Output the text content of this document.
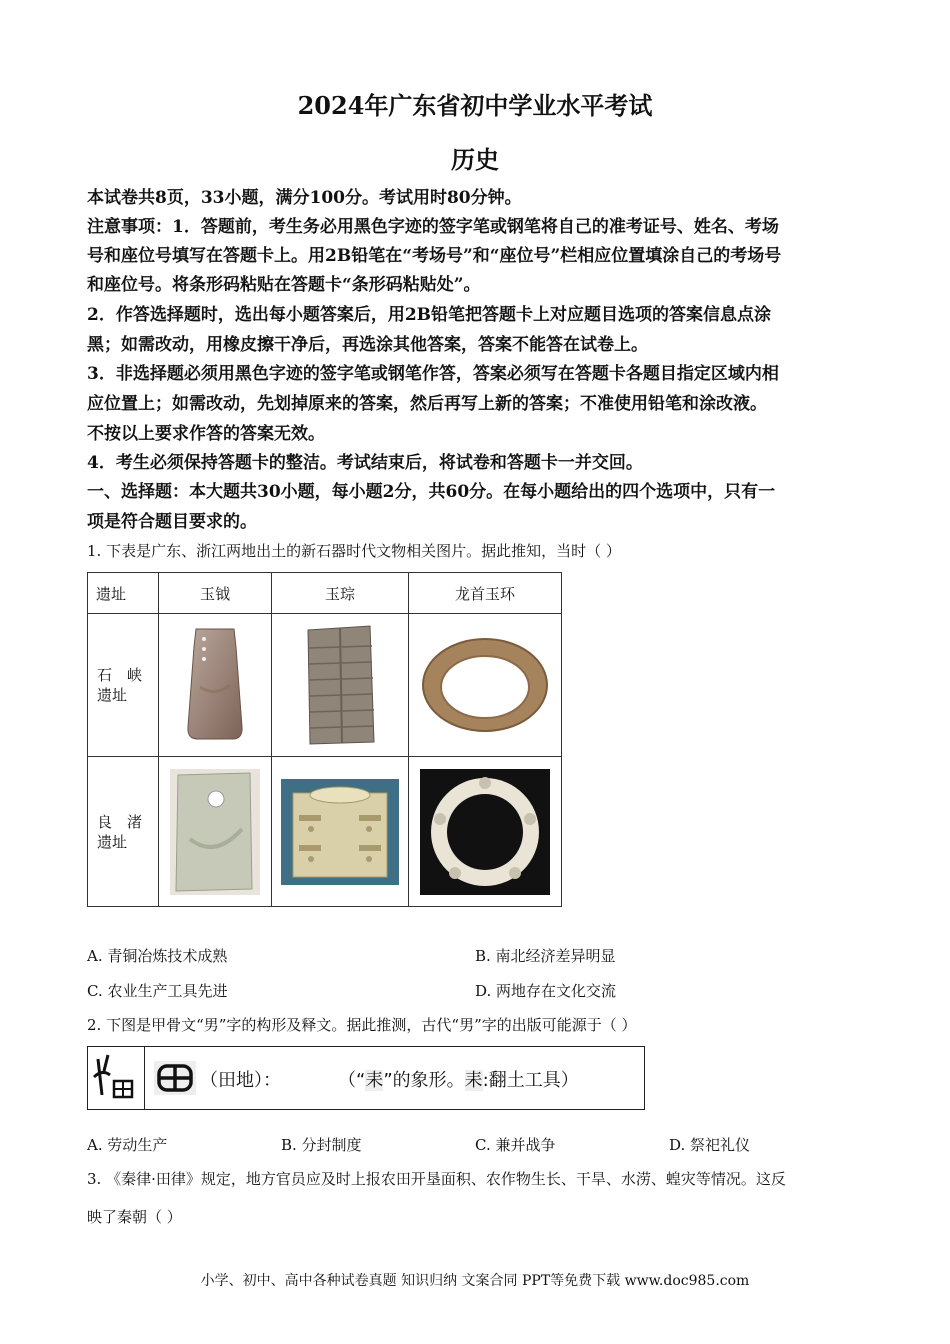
2024年广东省初中学业水平考试
历史
本试卷共8页，33小题，满分100分。考试用时80分钟。
注意事项：1．答题前，考生务必用黑色字迹的签字笔或钢笔将自己的准考证号、姓名、考场
号和座位号填写在答题卡上。用2B铅笔在“考场号”和“座位号”栏相应位置填涂自己的考场号
和座位号。将条形码粘贴在答题卡“条形码粘贴处”。
2．作答选择题时，选出每小题答案后，用2B铅笔把答题卡上对应题目选项的答案信息点涂
黑；如需改动，用橡皮擦干净后，再选涂其他答案，答案不能答在试卷上。
3．非选择题必须用黑色字迹的签字笔或钢笔作答，答案必须写在答题卡各题目指定区域内相
应位置上；如需改动，先划掉原来的答案，然后再写上新的答案；不准使用铅笔和涂改液。
不按以上要求作答的答案无效。
4．考生必须保持答题卡的整洁。考试结束后，将试卷和答题卡一并交回。
一、选择题：本大题共30小题，每小题2分，共60分。在每小题给出的四个选项中，只有一
项是符合题目要求的。
1. 下表是广东、浙江两地出土的新石器时代文物相关图片。据此推知，当时（ ）
遗址	玉钺	玉琮	龙首玉环

石　峡
遗址

良　渚
遗址

A. 青铜冶炼技术成熟	B. 南北经济差异明显
C. 农业生产工具先进	D. 两地存在文化交流
2. 下图是甲骨文“男”字的构形及释文。据此推测，古代“男”字的出版可能源于（ ）
（田地）：	（“耒”的象形。耒:翻土工具）
A. 劳动生产	B. 分封制度	C. 兼并战争	D. 祭祀礼仪
3. 《秦律·田律》规定，地方官员应及时上报农田开垦面积、农作物生长、干旱、水涝、蝗灾等情况。这反
映了秦朝（ ）
小学、初中、高中各种试卷真题 知识归纳 文案合同 PPT等免费下载 www.doc985.com
